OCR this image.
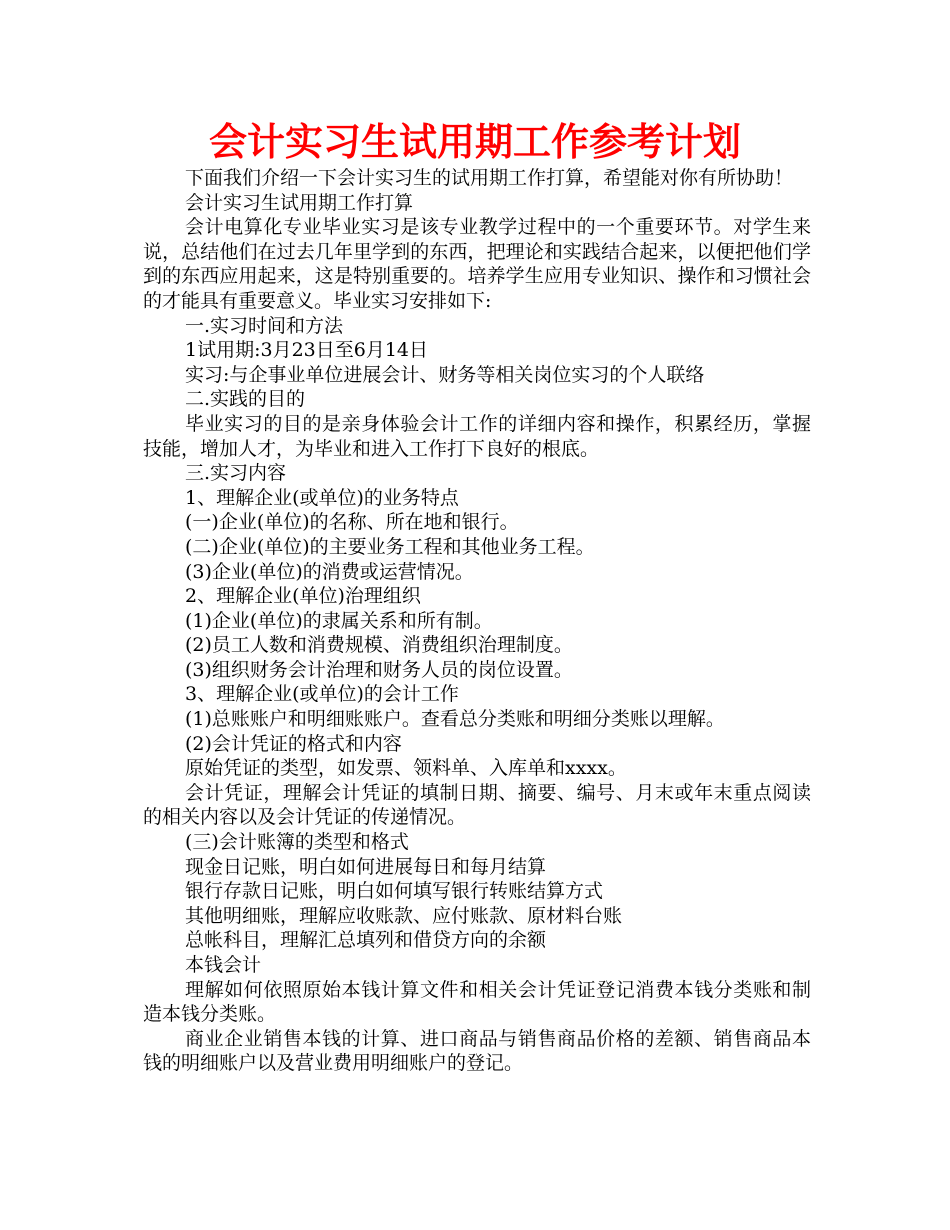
会计实习生试用期工作参考计划

下面我们介绍一下会计实习生的试用期工作打算，希望能对你有所协助！

会计实习生试用期工作打算

会计电算化专业毕业实习是该专业教学过程中的一个重要环节。对学生来说，总结他们在过去几年里学到的东西，把理论和实践结合起来，以便把他们学到的东西应用起来，这是特别重要的。培养学生应用专业知识、操作和习惯社会的才能具有重要意义。毕业实习安排如下:

一.实习时间和方法

1试用期:3月23日至6月14日

实习:与企事业单位进展会计、财务等相关岗位实习的个人联络

二.实践的目的

毕业实习的目的是亲身体验会计工作的详细内容和操作，积累经历，掌握技能，增加人才，为毕业和进入工作打下良好的根底。

三.实习内容

1、理解企业(或单位)的业务特点

(一)企业(单位)的名称、所在地和银行。

(二)企业(单位)的主要业务工程和其他业务工程。

(3)企业(单位)的消费或运营情况。

2、理解企业(单位)治理组织

(1)企业(单位)的隶属关系和所有制。

(2)员工人数和消费规模、消费组织治理制度。

(3)组织财务会计治理和财务人员的岗位设置。

3、理解企业(或单位)的会计工作

(1)总账账户和明细账账户。查看总分类账和明细分类账以理解。

(2)会计凭证的格式和内容

原始凭证的类型，如发票、领料单、入库单和xxxx。

会计凭证，理解会计凭证的填制日期、摘要、编号、月末或年末重点阅读的相关内容以及会计凭证的传递情况。

(三)会计账簿的类型和格式

现金日记账，明白如何进展每日和每月结算

银行存款日记账，明白如何填写银行转账结算方式

其他明细账，理解应收账款、应付账款、原材料台账

总帐科目，理解汇总填列和借贷方向的余额

本钱会计

理解如何依照原始本钱计算文件和相关会计凭证登记消费本钱分类账和制造本钱分类账。

商业企业销售本钱的计算、进口商品与销售商品价格的差额、销售商品本钱的明细账户以及营业费用明细账户的登记。
